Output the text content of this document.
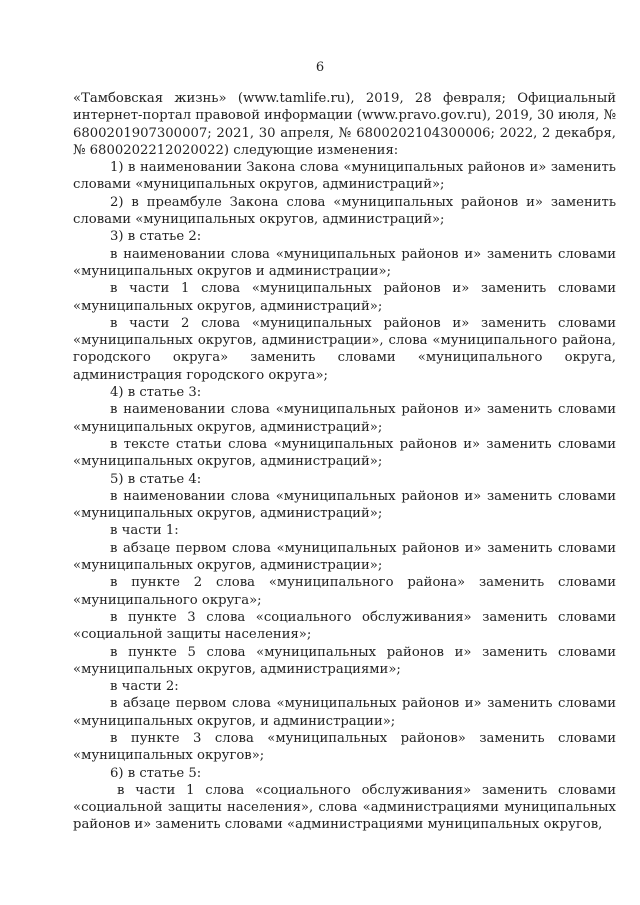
6

«Тамбовская жизнь» (www.tamlife.ru), 2019, 28 февраля; Официальный интернет-портал правовой информации (www.pravo.gov.ru), 2019, 30 июля, № 6800201907300007; 2021, 30 апреля, № 6800202104300006; 2022, 2 декабря, № 6800202212020022) следующие изменения:

1) в наименовании Закона слова «муниципальных районов и» заменить словами «муниципальных округов, администраций»;

2) в преамбуле Закона слова «муниципальных районов и» заменить словами «муниципальных округов, администраций»;

3) в статье 2:

в наименовании слова «муниципальных районов и» заменить словами «муниципальных округов и администрации»;

в части 1 слова «муниципальных районов и» заменить словами «муниципальных округов, администраций»;

в части 2 слова «муниципальных районов и» заменить словами «муниципальных округов, администрации», слова «муниципального района, городского округа» заменить словами «муниципального округа, администрация городского округа»;

4) в статье 3:

в наименовании слова «муниципальных районов и» заменить словами «муниципальных округов, администраций»;

в тексте статьи слова «муниципальных районов и» заменить словами «муниципальных округов, администраций»;

5) в статье 4:

в наименовании слова «муниципальных районов и» заменить словами «муниципальных округов, администраций»;

в части 1:

в абзаце первом слова «муниципальных районов и» заменить словами «муниципальных округов, администрации»;

в пункте 2 слова «муниципального района» заменить словами «муниципального округа»;

в пункте 3 слова «социального обслуживания» заменить словами «социальной защиты населения»;

в пункте 5 слова «муниципальных районов и» заменить словами «муниципальных округов, администрациями»;

в части 2:

в абзаце первом слова «муниципальных районов и» заменить словами «муниципальных округов, и администрации»;

в пункте 3 слова «муниципальных районов» заменить словами «муниципальных округов»;

6) в статье 5:

в части 1 слова «социального обслуживания» заменить словами «социальной защиты населения», слова «администрациями муниципальных районов и» заменить словами «администрациями муниципальных округов,
